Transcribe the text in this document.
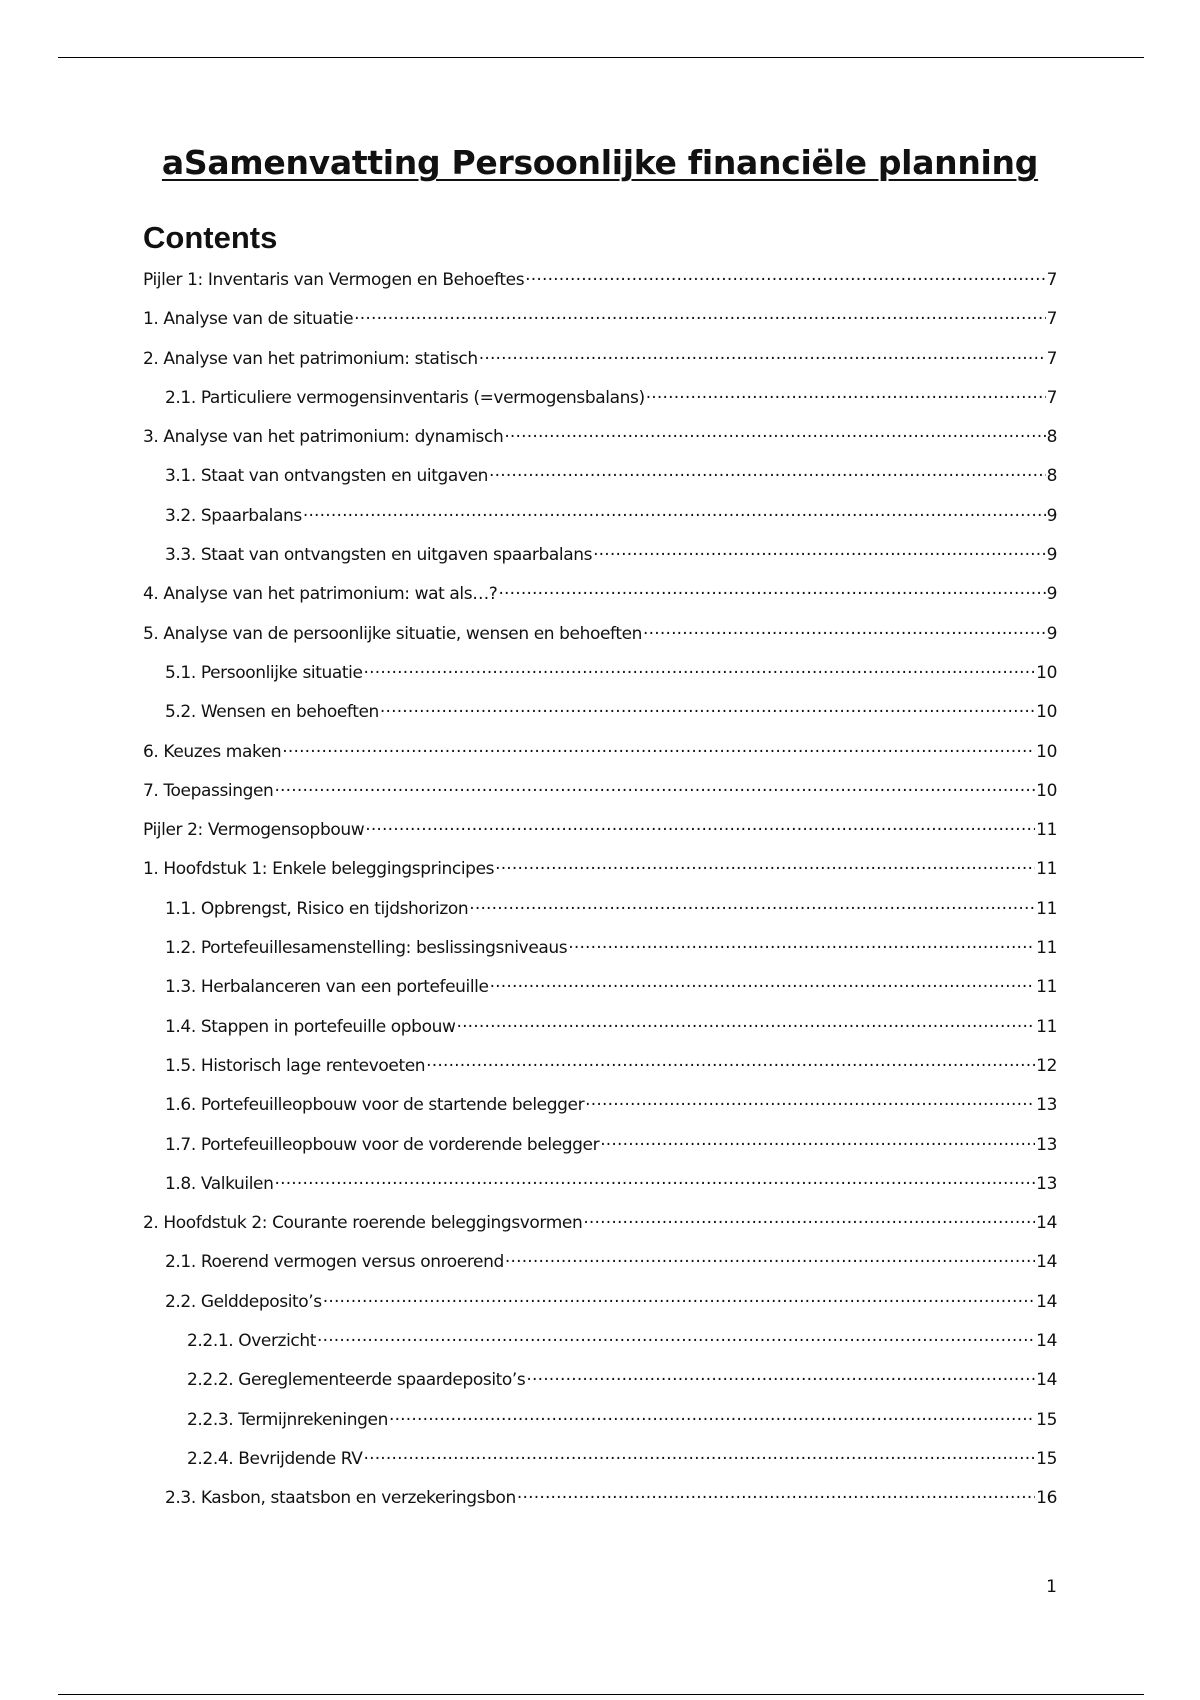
aSamenvatting Persoonlijke financiële planning
Contents
Pijler 1: Inventaris van Vermogen en Behoeftes .....	7
1. Analyse van de situatie .....	7
2. Analyse van het patrimonium: statisch .....	7
2.1. Particuliere vermogensinventaris (=vermogensbalans) .....	7
3. Analyse van het patrimonium: dynamisch .....	8
3.1. Staat van ontvangsten en uitgaven .....	8
3.2. Spaarbalans .....	9
3.3. Staat van ontvangsten en uitgaven spaarbalans .....	9
4. Analyse van het patrimonium: wat als…? .....	9
5. Analyse van de persoonlijke situatie, wensen en behoeften .....	9
5.1. Persoonlijke situatie .....	10
5.2. Wensen en behoeften .....	10
6. Keuzes maken .....	10
7. Toepassingen .....	10
Pijler 2: Vermogensopbouw .....	11
1. Hoofdstuk 1: Enkele beleggingsprincipes .....	11
1.1. Opbrengst, Risico en tijdshorizon .....	11
1.2. Portefeuillesamenstelling: beslissingsniveaus .....	11
1.3. Herbalanceren van een portefeuille .....	11
1.4. Stappen in portefeuille opbouw .....	11
1.5. Historisch lage rentevoeten .....	12
1.6. Portefeuilleopbouw voor de startende belegger .....	13
1.7. Portefeuilleopbouw voor de vorderende belegger .....	13
1.8. Valkuilen .....	13
2. Hoofdstuk 2: Courante roerende beleggingsvormen .....	14
2.1. Roerend vermogen versus onroerend .....	14
2.2. Gelddeposito’s .....	14
2.2.1. Overzicht .....	14
2.2.2. Gereglementeerde spaardeposito’s .....	14
2.2.3. Termijnrekeningen .....	15
2.2.4. Bevrijdende RV .....	15
2.3. Kasbon, staatsbon en verzekeringsbon .....	16
1
